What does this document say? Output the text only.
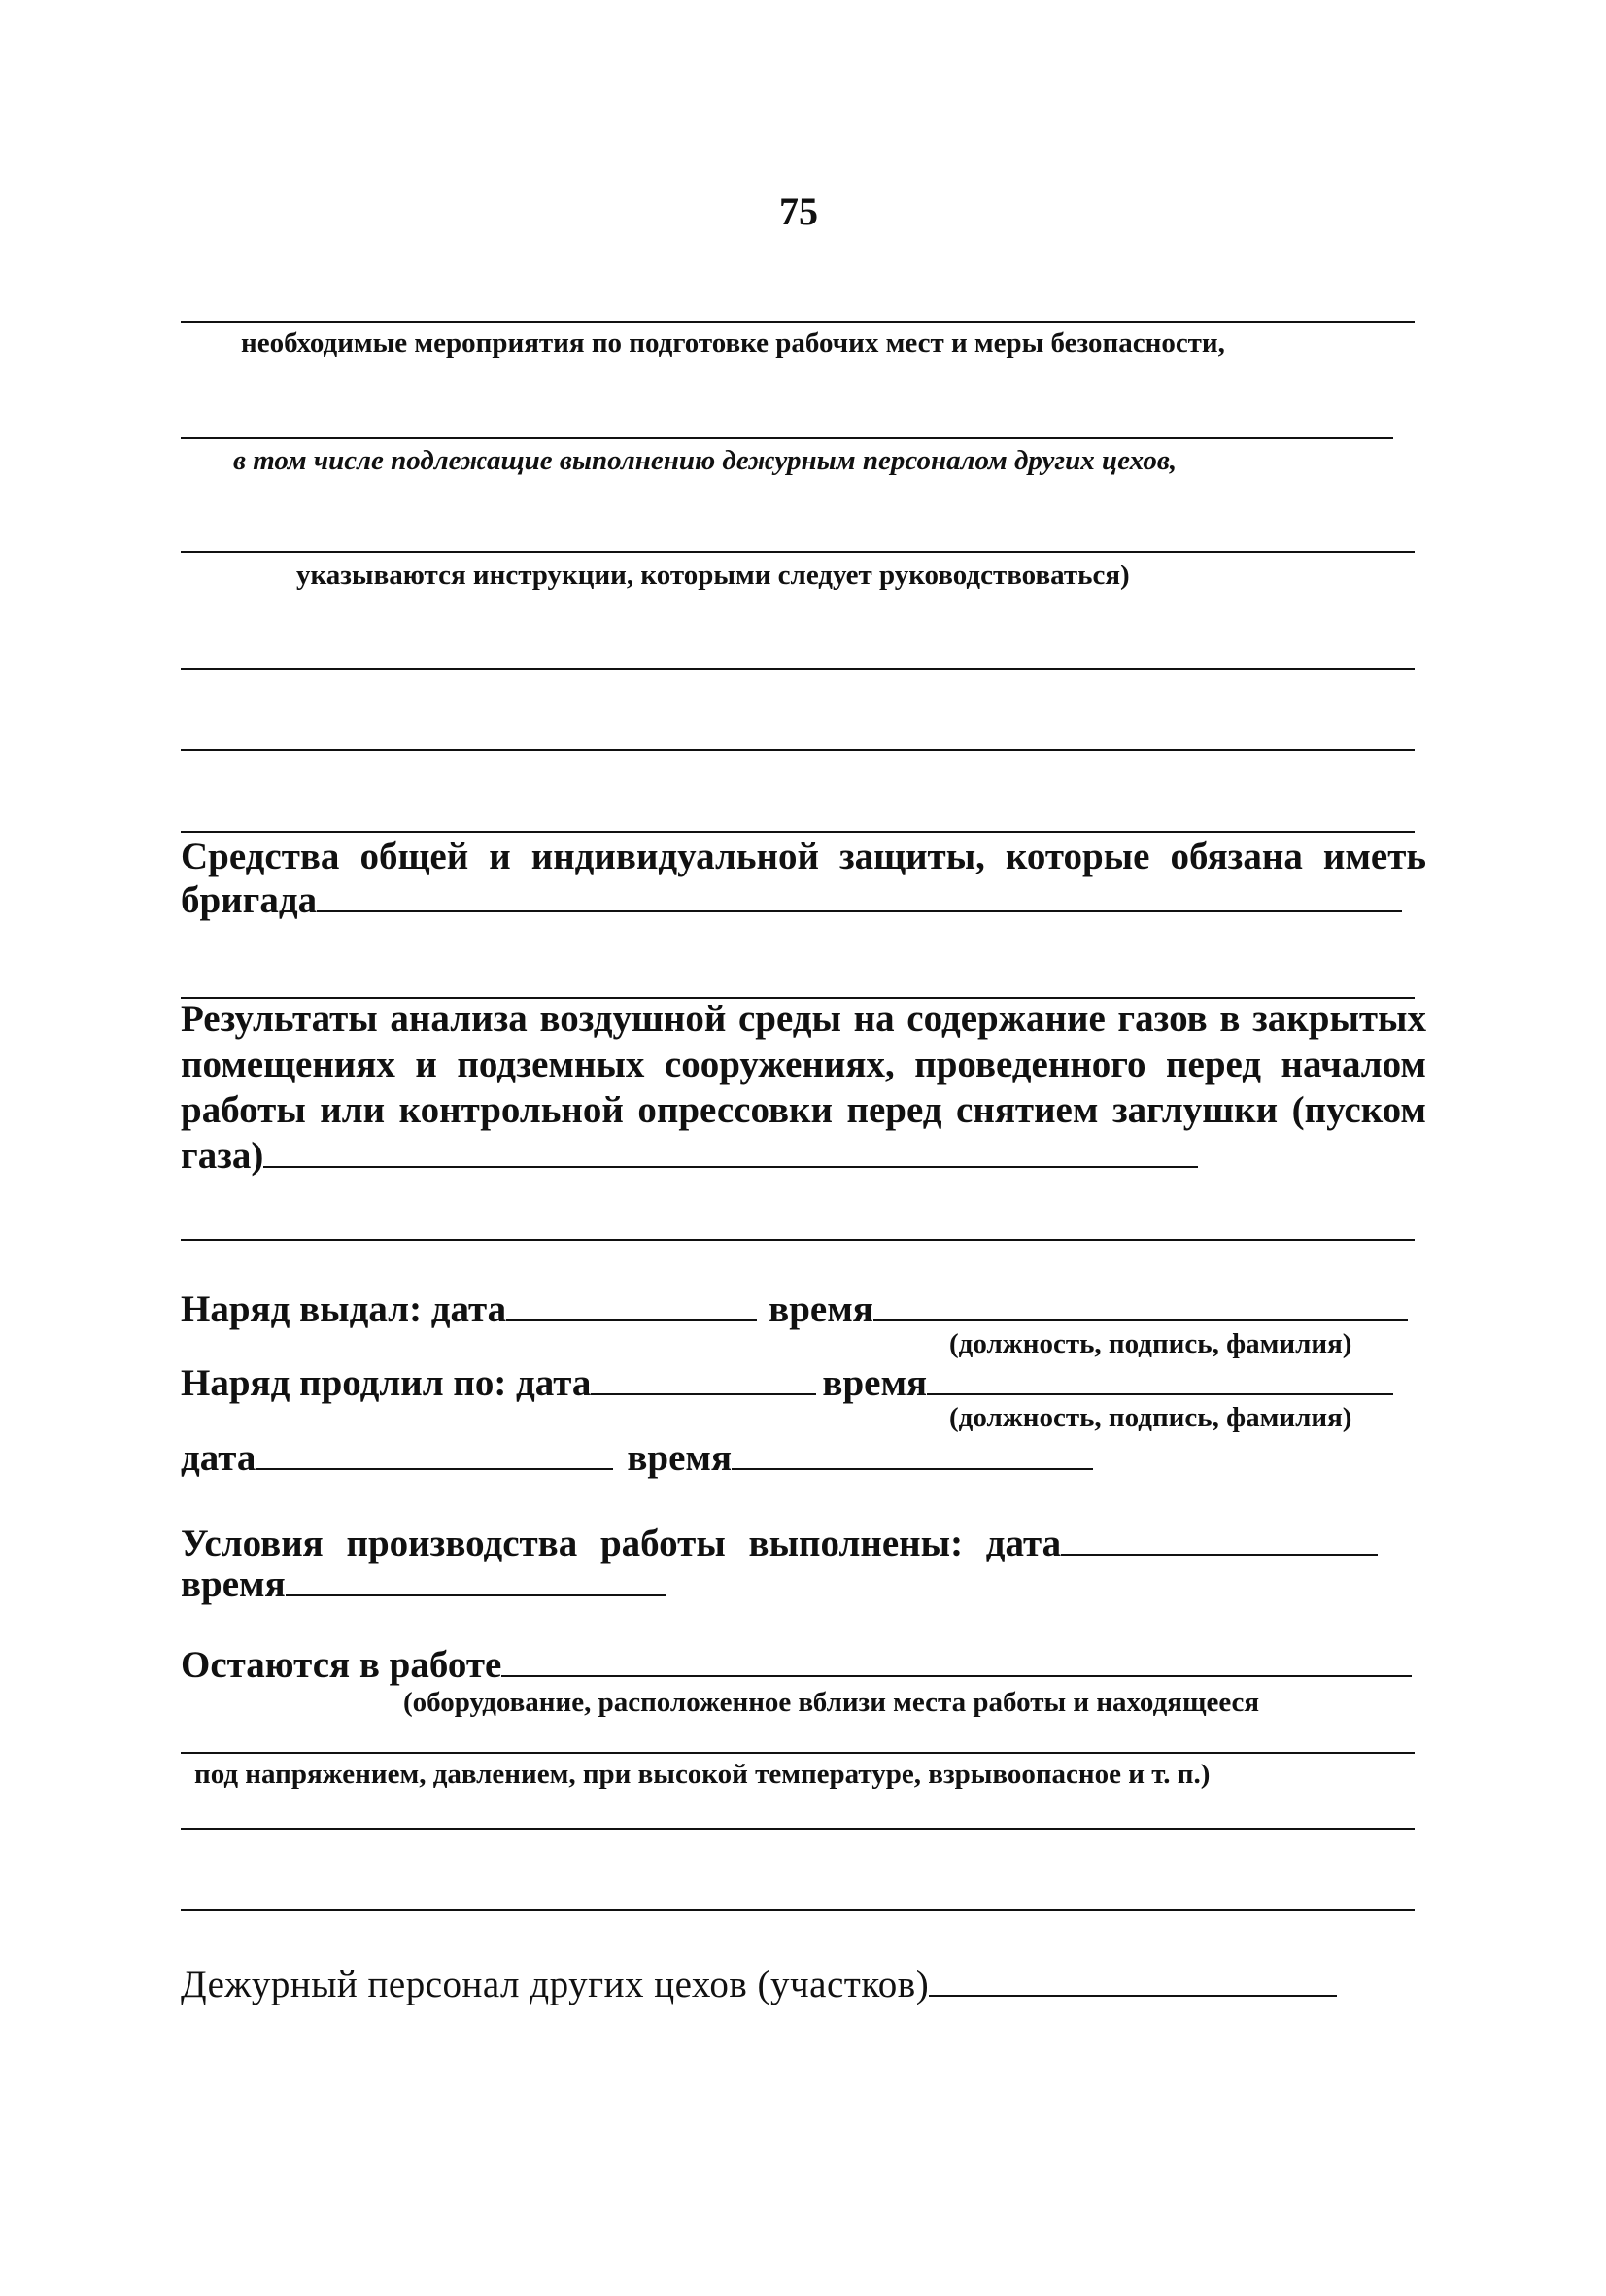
75
необходимые мероприятия по подготовке рабочих мест и меры безопасности,
в том числе подлежащие выполнению дежурным персоналом других цехов,
указываются инструкции, которыми следует руководствоваться)
Средства общей и индивидуальной защиты, которые обязана иметь
бригада
Результаты анализа воздушной среды на содержание газов в закрытых помещениях и подземных сооружениях, проведенного перед началом работы или контрольной опрессовки перед снятием заглушки (пуском газа)
Наряд выдал: дата	время
(должность, подпись, фамилия)
Наряд продлил по: дата	время
(должность, подпись, фамилия)
дата	время
Условия производства работы выполнены: дата
время
Остаются в работе
(оборудование, расположенное вблизи места работы и находящееся
под напряжением, давлением, при высокой температуре, взрывоопасное и т. п.)
Дежурный персонал других цехов (участков)
